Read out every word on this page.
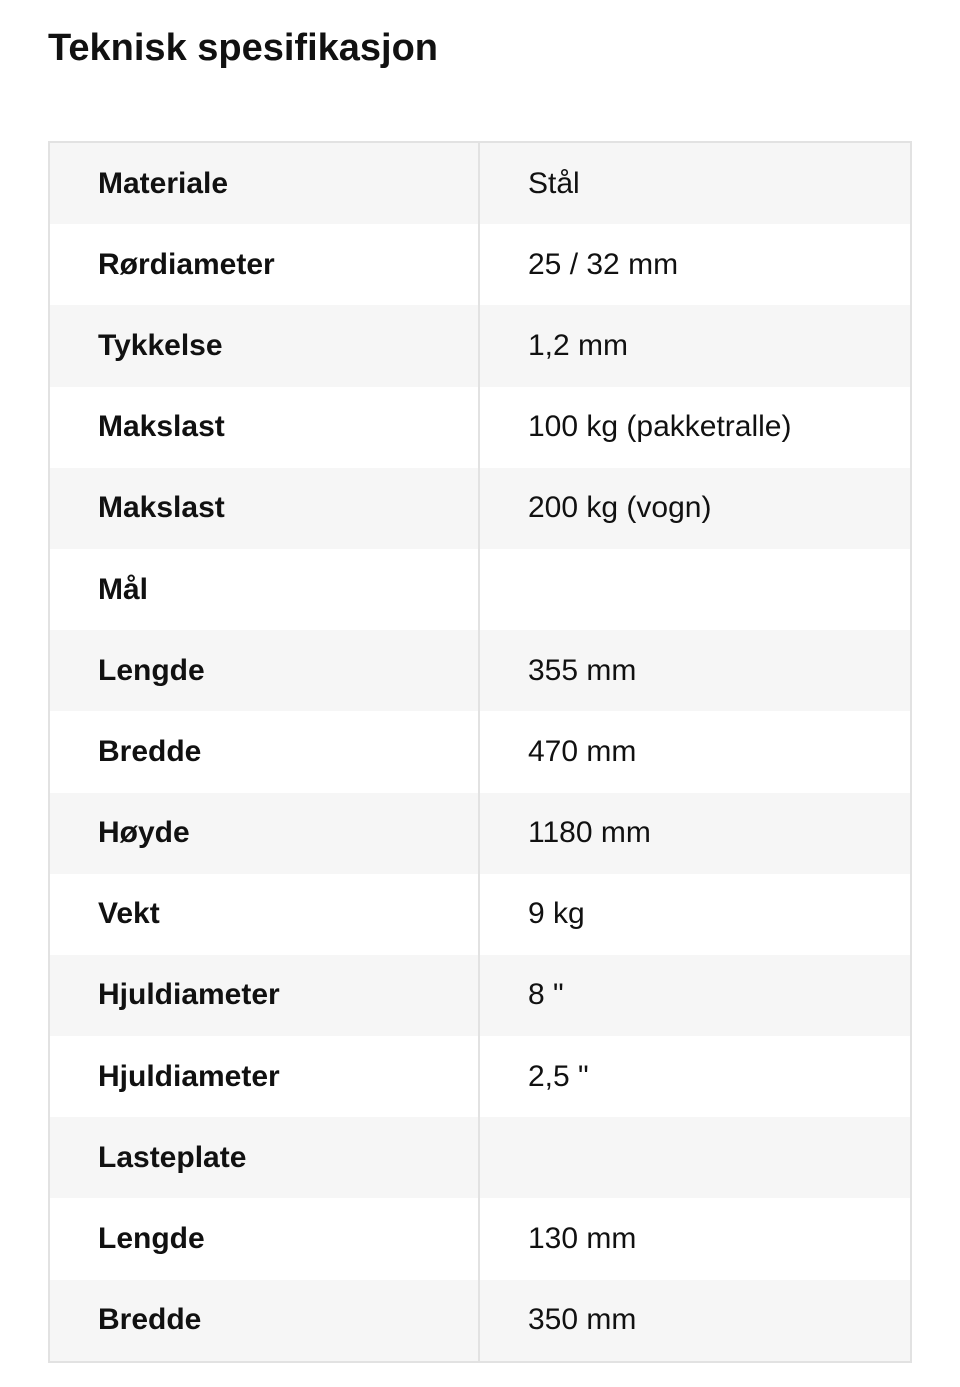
Teknisk spesifikasjon
Materiale	Stål
Rørdiameter	25 / 32 mm
Tykkelse	1,2 mm
Makslast	100 kg (pakketralle)
Makslast	200 kg (vogn)
Mål
Lengde	355 mm
Bredde	470 mm
Høyde	1180 mm
Vekt	9 kg
Hjuldiameter	8 "
Hjuldiameter	2,5 "
Lasteplate
Lengde	130 mm
Bredde	350 mm
